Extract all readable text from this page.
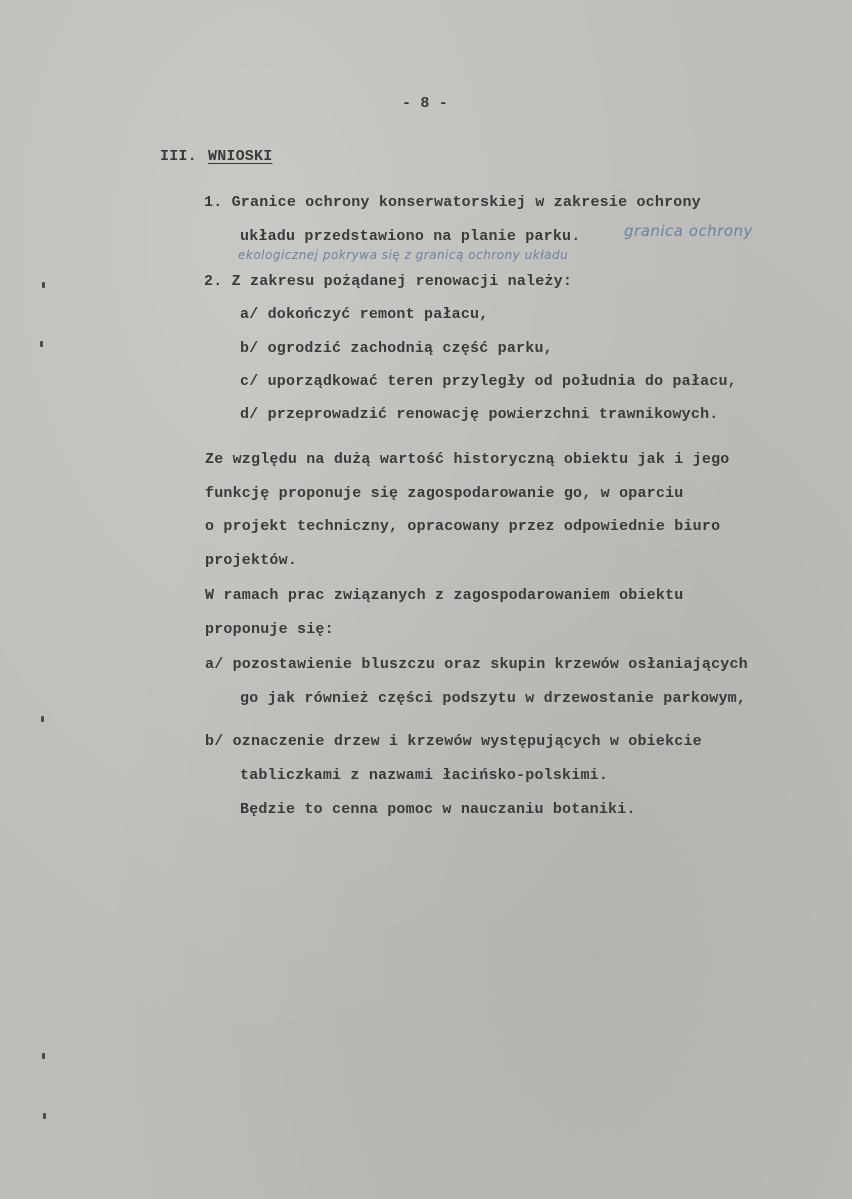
- 8 -
III. WNIOSKI
1. Granice ochrony konserwatorskiej w zakresie ochrony
układu przedstawiono na planie parku.	granica ochrony
ekologicznej pokrywa się z granicą ochrony układu
2. Z zakresu pożądanej renowacji należy:
a/ dokończyć remont pałacu,
b/ ogrodzić zachodnią część parku,
c/ uporządkować teren przyległy od południa do pałacu,
d/ przeprowadzić renowację powierzchni trawnikowych.
Ze względu na dużą wartość historyczną obiektu jak i jego
funkcję proponuje się zagospodarowanie go, w oparciu
o projekt techniczny, opracowany przez odpowiednie biuro
projektów.
W ramach prac związanych z zagospodarowaniem obiektu
proponuje się:
a/ pozostawienie bluszczu oraz skupin krzewów osłaniających
go jak również części podszytu w drzewostanie parkowym,
b/ oznaczenie drzew i krzewów występujących w obiekcie
tabliczkami z nazwami łacińsko-polskimi.
Będzie to cenna pomoc w nauczaniu botaniki.
